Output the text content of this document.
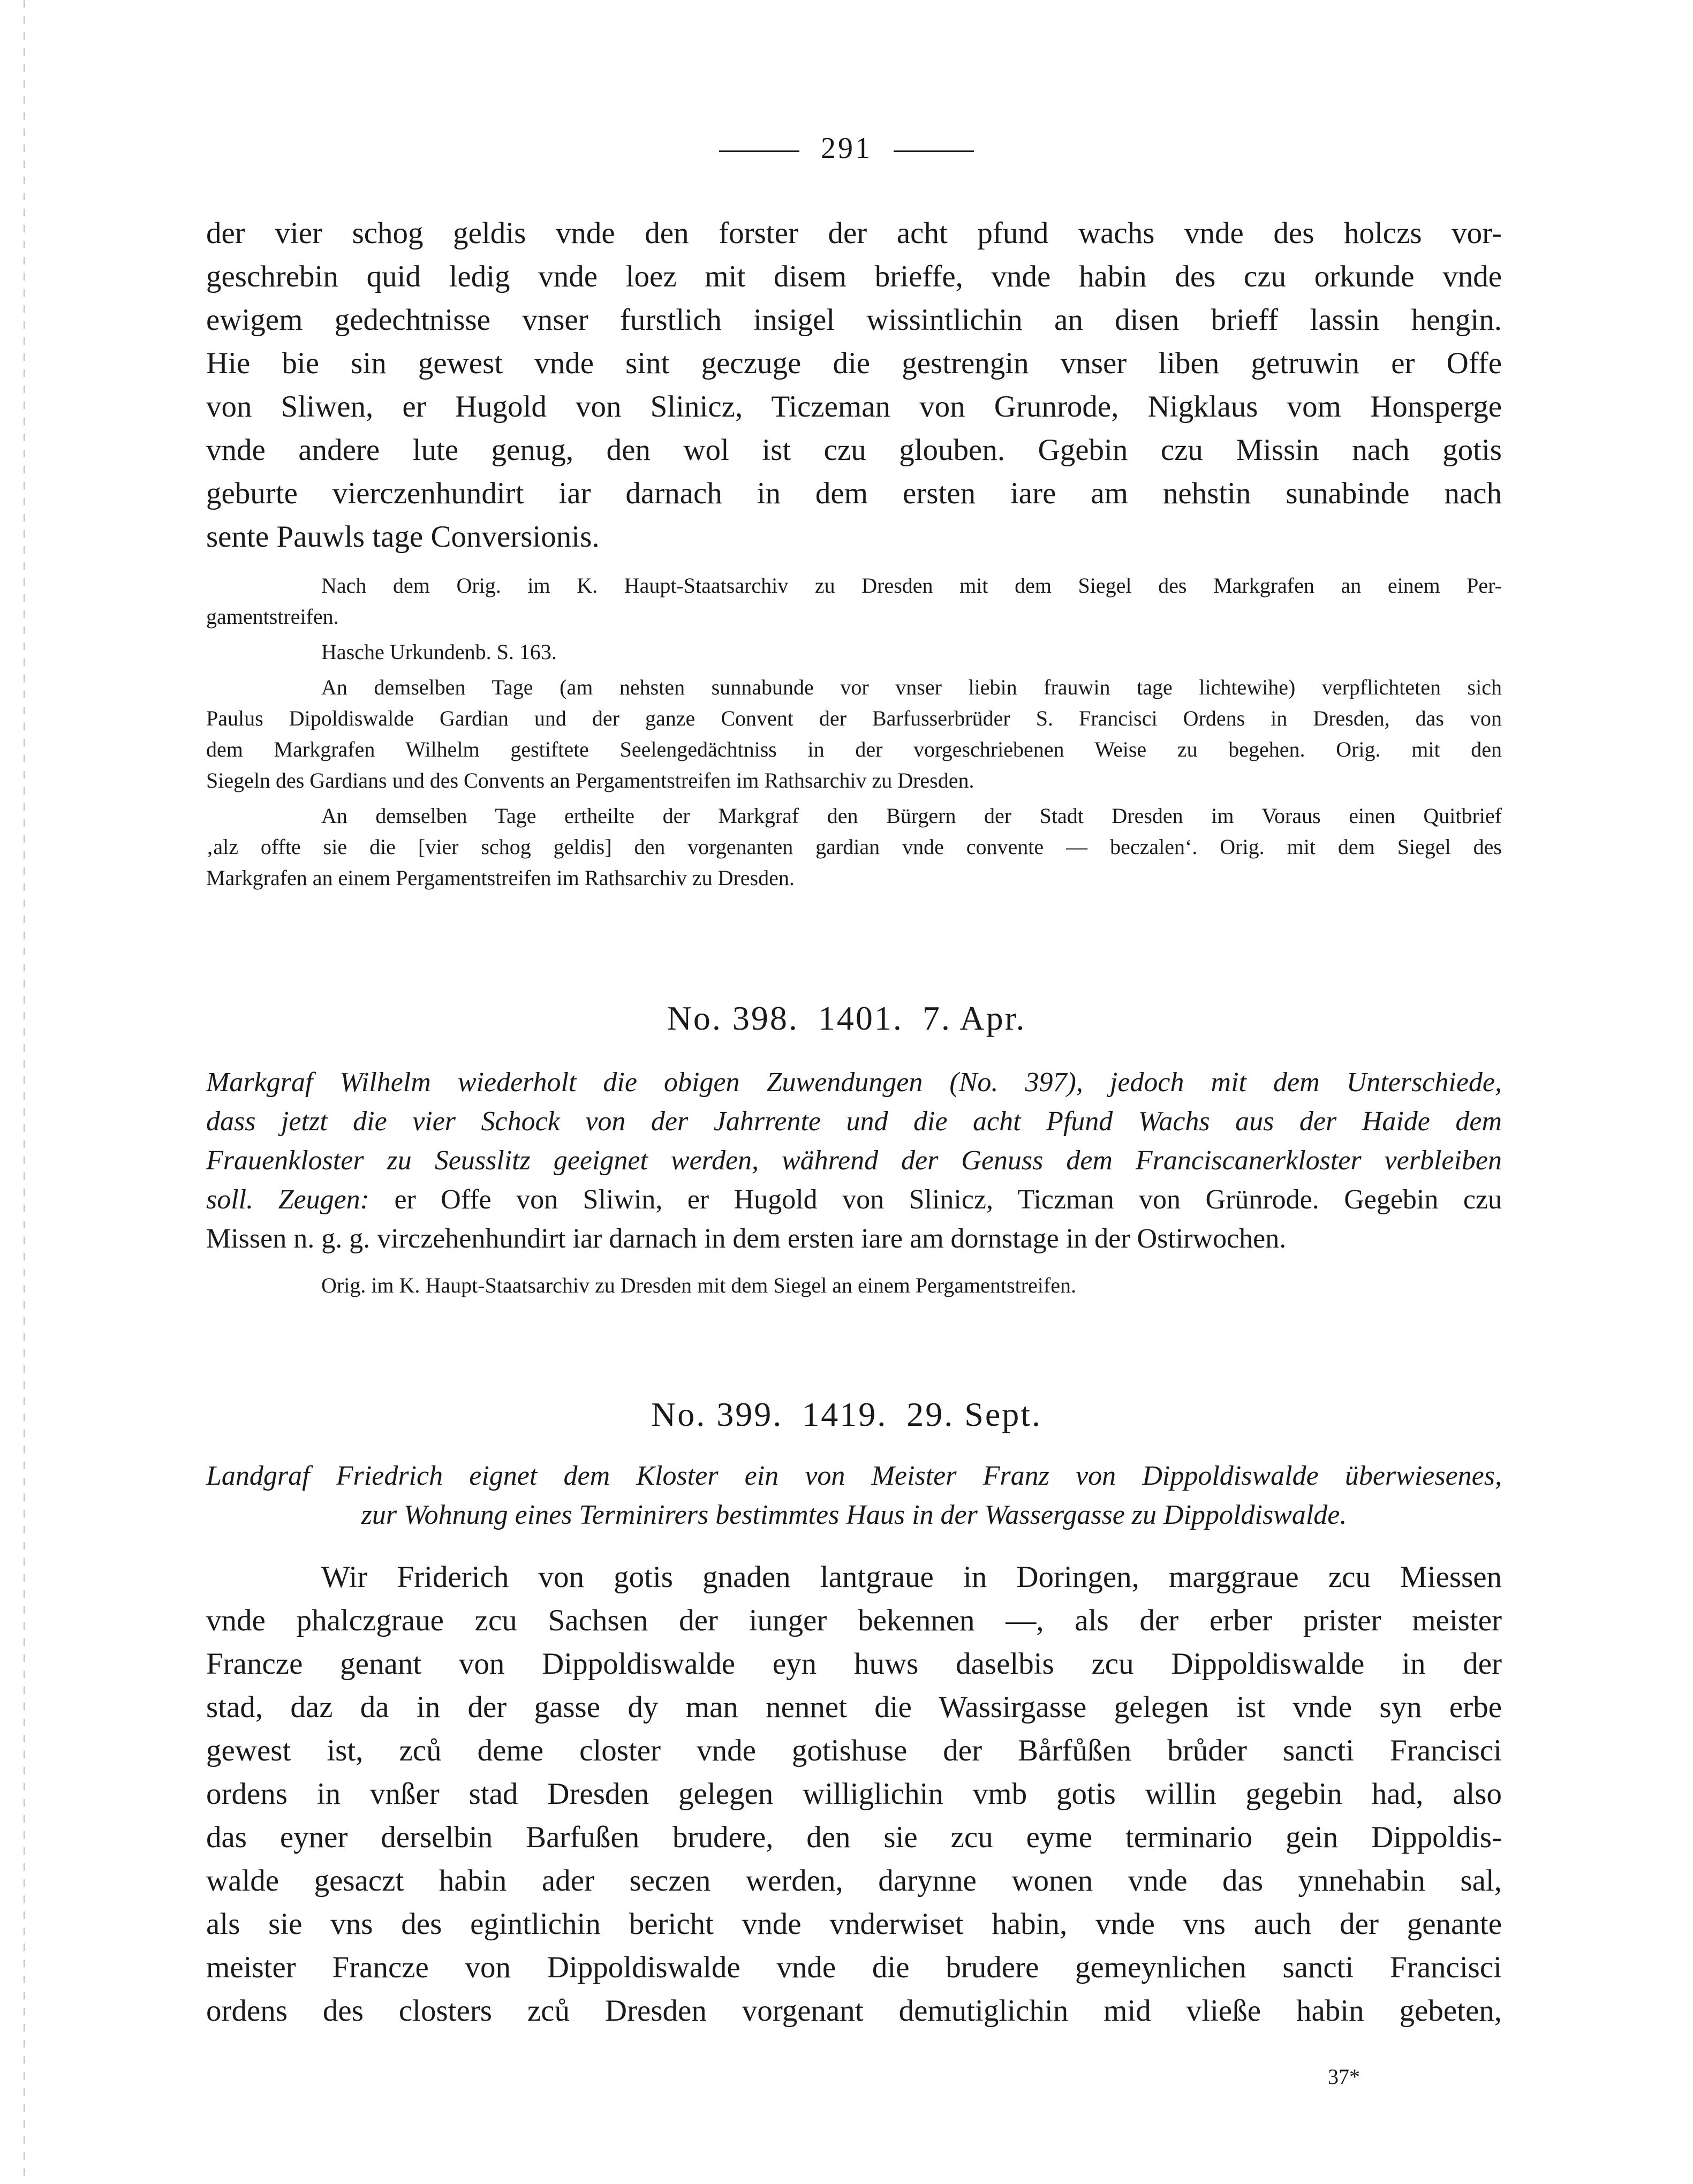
291

der vier schog geldis vnde den forster der acht pfund wachs vnde des holczs vor-
geschrebin quid ledig vnde loez mit disem brieffe, vnde habin des czu orkunde vnde
ewigem gedechtnisse vnser furstlich insigel wissintlichin an disen brieff lassin hengin.
Hie bie sin gewest vnde sint geczuge die gestrengin vnser liben getruwin er Offe
von Sliwen, er Hugold von Slinicz, Ticzeman von Grunrode, Nigklaus vom Honsperge
vnde andere lute genug, den wol ist czu glouben. Ggebin czu Missin nach gotis
geburte vierczenhundirt iar darnach in dem ersten iare am nehstin sunabinde nach
sente Pauwls tage Conversionis.

Nach dem Orig. im K. Haupt-Staatsarchiv zu Dresden mit dem Siegel des Markgrafen an einem Per-
gamentstreifen.

Hasche Urkundenb. S. 163.

An demselben Tage (am nehsten sunnabunde vor vnser liebin frauwin tage lichtewihe) verpflichteten sich
Paulus Dipoldiswalde Gardian und der ganze Convent der Barfusserbrüder S. Francisci Ordens in Dresden, das von
dem Markgrafen Wilhelm gestiftete Seelengedächtniss in der vorgeschriebenen Weise zu begehen. Orig. mit den
Siegeln des Gardians und des Convents an Pergamentstreifen im Rathsarchiv zu Dresden.

An demselben Tage ertheilte der Markgraf den Bürgern der Stadt Dresden im Voraus einen Quitbrief
‚alz offte sie die [vier schog geldis] den vorgenanten gardian vnde convente — beczalen‘. Orig. mit dem Siegel des
Markgrafen an einem Pergamentstreifen im Rathsarchiv zu Dresden.

No. 398. 1401. 7. Apr.

Markgraf Wilhelm wiederholt die obigen Zuwendungen (No. 397), jedoch mit dem Unterschiede,
dass jetzt die vier Schock von der Jahrrente und die acht Pfund Wachs aus der Haide dem
Frauenkloster zu Seusslitz geeignet werden, während der Genuss dem Franciscanerkloster verbleiben
soll. Zeugen: er Offe von Sliwin, er Hugold von Slinicz, Ticzman von Grünrode. Gegebin czu
Missen n. g. g. virczehenhundirt iar darnach in dem ersten iare am dornstage in der Ostirwochen.

Orig. im K. Haupt-Staatsarchiv zu Dresden mit dem Siegel an einem Pergamentstreifen.

No. 399. 1419. 29. Sept.

Landgraf Friedrich eignet dem Kloster ein von Meister Franz von Dippoldiswalde überwiesenes,
zur Wohnung eines Terminirers bestimmtes Haus in der Wassergasse zu Dippoldiswalde.

Wir Friderich von gotis gnaden lantgraue in Doringen, marggraue zcu Miessen
vnde phalczgraue zcu Sachsen der iunger bekennen —, als der erber prister meister
Francze genant von Dippoldiswalde eyn huws daselbis zcu Dippoldiswalde in der
stad, daz da in der gasse dy man nennet die Wassirgasse gelegen ist vnde syn erbe
gewest ist, zců deme closter vnde gotishuse der Bårfůßen brůder sancti Francisci
ordens in vnßer stad Dresden gelegen williglichin vmb gotis willin gegebin had, also
das eyner derselbin Barfußen brudere, den sie zcu eyme terminario gein Dippoldis-
walde gesaczt habin ader seczen werden, darynne wonen vnde das ynnehabin sal,
als sie vns des egintlichin bericht vnde vnderwiset habin, vnde vns auch der genante
meister Francze von Dippoldiswalde vnde die brudere gemeynlichen sancti Francisci
ordens des closters zců Dresden vorgenant demutiglichin mid vließe habin gebeten,

37*
